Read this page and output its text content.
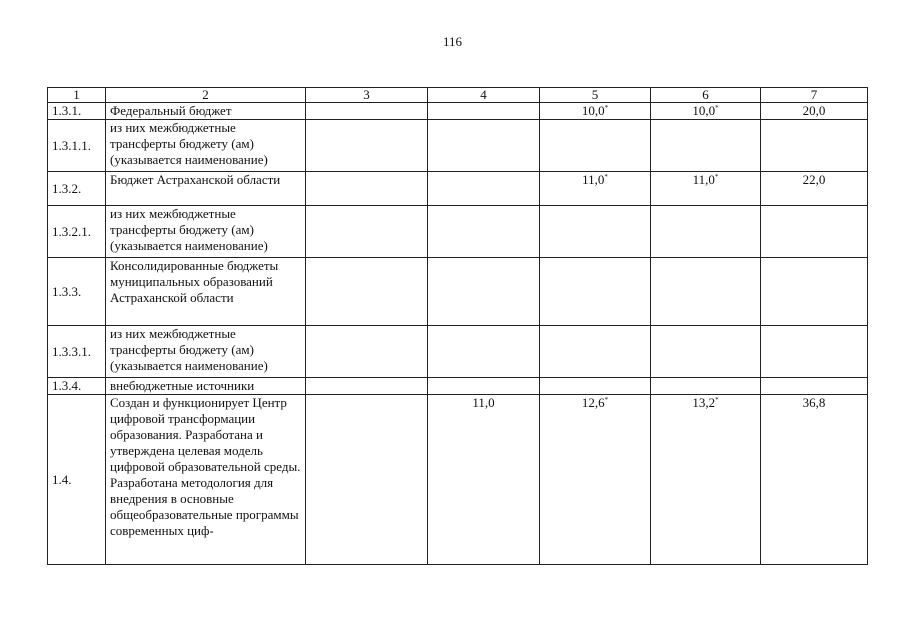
116
1	2	3	4	5	6	7
1.3.1.	Федеральный бюджет			10,0*	10,0*	20,0
1.3.1.1.	из них межбюджетные трансферты бюджету (ам) (указывается наименование)					
1.3.2.	Бюджет Астраханской области			11,0*	11,0*	22,0
1.3.2.1.	из них межбюджетные трансферты бюджету (ам) (указывается наименование)					
1.3.3.	Консолидированные бюджеты муниципальных образований Астраханской области					
1.3.3.1.	из них межбюджетные трансферты бюджету (ам) (указывается наименование)					
1.3.4.	внебюджетные источники					
1.4.	Создан и функционирует Центр цифровой трансформации образования. Разработана и утверждена целевая модель цифровой образовательной среды. Разработана методология для внедрения в основные общеобразовательные программы современных циф-		11,0	12,6*	13,2*	36,8
